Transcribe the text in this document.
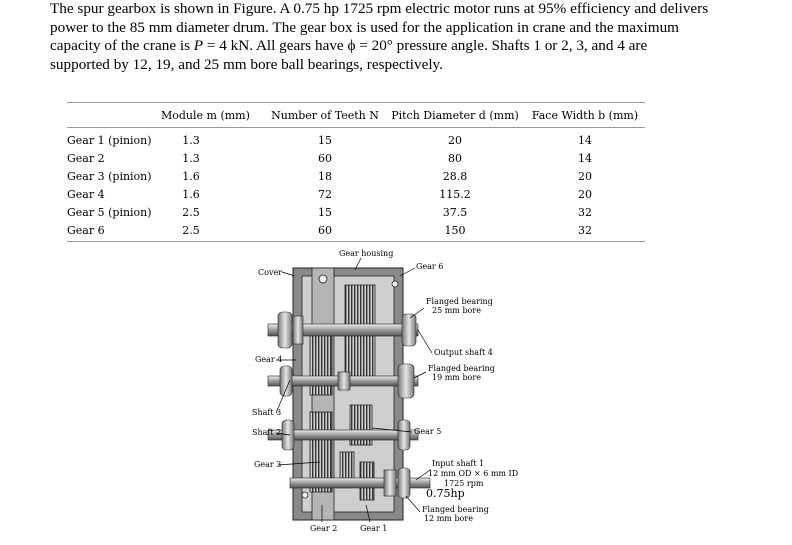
The spur gearbox is shown in Figure. A 0.75 hp 1725 rpm electric motor runs at 95% efficiency and delivers

power to the 85 mm diameter drum. The gear box is used for the application in crane and the maximum

capacity of the crane is P = 4 kN. All gears have ϕ = 20° pressure angle. Shafts 1 or 2, 3, and 4 are

supported by 12, 19, and 25 mm bore ball bearings, respectively.

	Module m (mm)	Number of Teeth N	Pitch Diameter d (mm)	Face Width b (mm)
Gear 1 (pinion)	1.3	15	20	14
Gear 2	1.3	60	80	14
Gear 3 (pinion)	1.6	18	28.8	20
Gear 4	1.6	72	115.2	20
Gear 5 (pinion)	2.5	15	37.5	32
Gear 6	2.5	60	150	32
Gear housing
Gear 6
Cover
Flanged bearing
25 mm bore
Output shaft 4
Gear 4
Flanged bearing
19 mm bore
Shaft 3
Shaft 2	Gear 5
Gear 3	Input shaft 1
12 mm OD × 6 mm ID
1725 rpm
0.75hp
Flanged bearing
12 mm bore
Gear 2	Gear 1
